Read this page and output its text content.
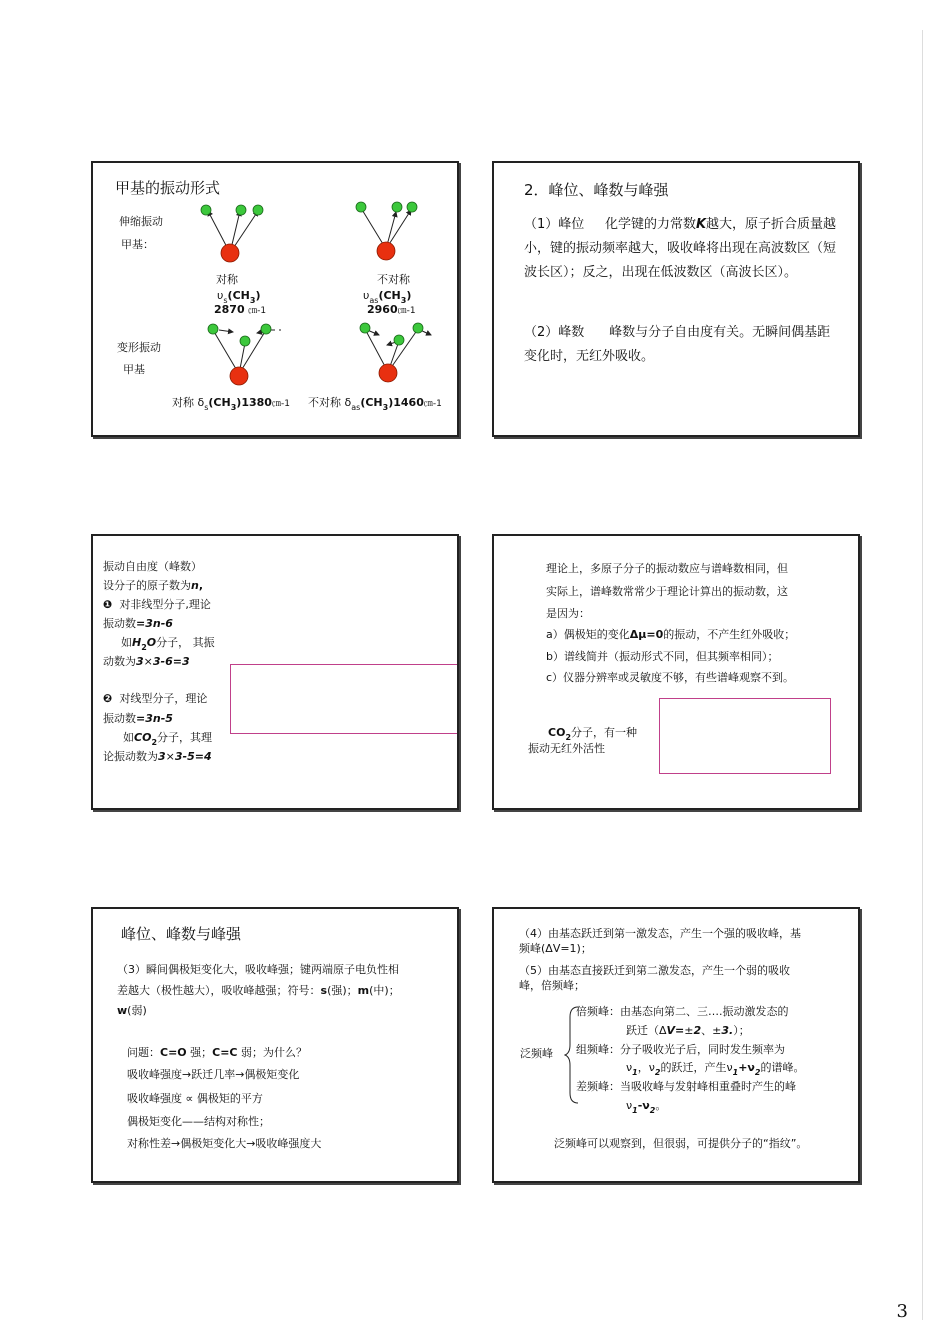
甲基的振动形式
伸缩振动
甲基：
对称
$\upsilon_s(CH_3)$
2870 ㎝-1
不对称
$\upsilon_{as}(CH_3)$
2960㎝-1
变形振动
甲基
对称 $\delta_s(CH_3)1380㎝-1$ 不对称 $\delta_{as}(CH_3)1460㎝-1$
2．峰位、峰数与峰强
（1）峰位 化学键的力常数K越大，原子折合质量越小，键的振动频率越大，吸收峰将出现在高波数区（短波长区）；反之，出现在低波数区（高波长区）。
（2）峰数 峰数与分子自由度有关。无瞬间偶基距变化时，无红外吸收。
振动自由度（峰数）
设分子的原子数为n,
❶ 对非线型分子,理论
振动数=3n-6
如$H_2O$分子， 其振
动数为3×3-6=3
❷ 对线型分子，理论
振动数=3n-5
如$CO_2$分子，其理
论振动数为3×3-5=4
理论上，多原子分子的振动数应与谱峰数相同，但
实际上，谱峰数常常少于理论计算出的振动数，这
是因为：
a）偶极矩的变化Δμ=0的振动，不产生红外吸收；
b）谱线简并（振动形式不同，但其频率相同）；
c）仪器分辨率或灵敏度不够，有些谱峰观察不到。
$CO_2$分子，有一种
振动无红外活性
峰位、峰数与峰强
（3）瞬间偶极矩变化大，吸收峰强；键两端原子电负性相
差越大（极性越大），吸收峰越强；符号：s(强)；m(中)；
w(弱)
问题：C=O 强；C=C 弱；为什么？
吸收峰强度→跃迁几率→偶极矩变化
吸收峰强度 ∝ 偶极矩的平方
偶极矩变化——结构对称性；
对称性差→偶极矩变化大→吸收峰强度大
（4）由基态跃迁到第一激发态，产生一个强的吸收峰，基
频峰(ΔV=1)；
（5）由基态直接跃迁到第二激发态，产生一个弱的吸收
峰，倍频峰；
泛频峰
倍频峰：由基态向第二、三….振动激发态的
跃迁（ΔV=±2、±3.）；
组频峰：分子吸收光子后，同时发生频率为
$\nu_1$，$\nu_2$的跃迁，产生$\nu_1+\nu_2$的谱峰。
差频峰：当吸收峰与发射峰相重叠时产生的峰
$\nu_1-\nu_2$。
泛频峰可以观察到，但很弱，可提供分子的“指纹”。
3
